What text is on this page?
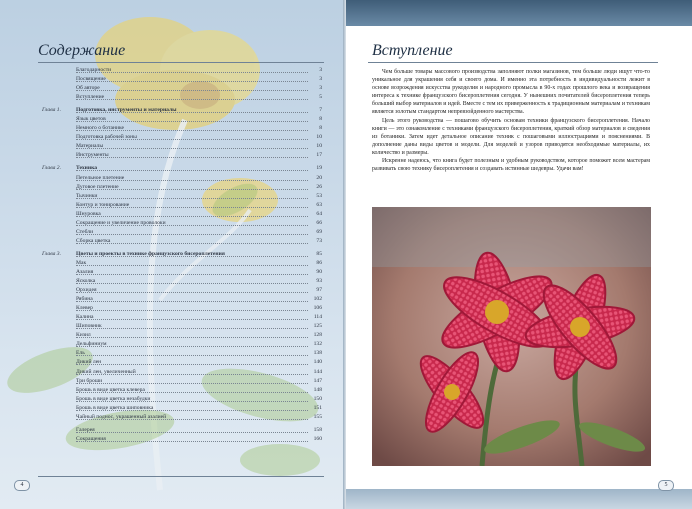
Содержание
Благодарности	3
Посвящение	3
Об авторе	3
Вступление	5
Глава 1.	Подготовка, инструменты и материалы	7
Язык цветов	8
Немного о ботанике	8
Подготовка рабочей зоны	10
Материалы	10
Инструменты	17
Глава 2.	Техника	19
Петельное плетение	20
Дуговое плетение	26
Тычинки	53
Контур и тонирование	63
Шнуровка	64
Сокращение и увеличение проволоки	66
Стебли	69
Сборка цветка	73
Глава 3.	Цветы и проекты в технике французского бисероплетения	85
Мак	86
Азалия	90
Ясколка	93
Орхидея	97
Рябина	102
Клевер	106
Калина	114
Шиповник	125
Кизил	128
Дельфиниум	132
Ель	138
Дикий лен	140
Дикий лен, увеличенный	144
Три броши	147
Брошь в виде цветка клевера	148
Брошь в виде цветка незабудки	150
Брошь в виде цветка шиповника	151
Чайный поднос, украшенный азалией	155
Галерея	158
Сокращения	160
4
Вступление

Чем больше товары массового производства заполняют полки магазинов, тем больше люди ищут что-то уникальное для украшения себя и своего дома. И именно эта потребность в индивидуальности лежит в основе возрождения искусства рукоделия и народного промысла в 90-х годах прошлого века и возвращения интереса к технике французского бисероплетения сегодня. У нынешних почитателей бисероплетения теперь больший выбор материалов и идей. Вместе с тем их приверженность к традиционным материалам и техникам является золотым стандартом непревзойденного мастерства.

Цель этого руководства — пошагово обучить основам техники французского бисероплетения. Начало книги — это ознакомление с техниками французского бисероплетения, краткий обзор материалов и сведения из ботаники. Затем идет детальное описание техник с пошаговыми иллюстрациями и пояснениями. В дополнение даны виды цветов и модели. Для моделей и узоров приводятся необходимые материалы, их количество и размеры.

Искренне надеюсь, что книга будет полезным и удобным руководством, которое поможет всем мастерам развивать свою технику бисероплетения и создавать истинные шедевры. Удачи вам!

5
